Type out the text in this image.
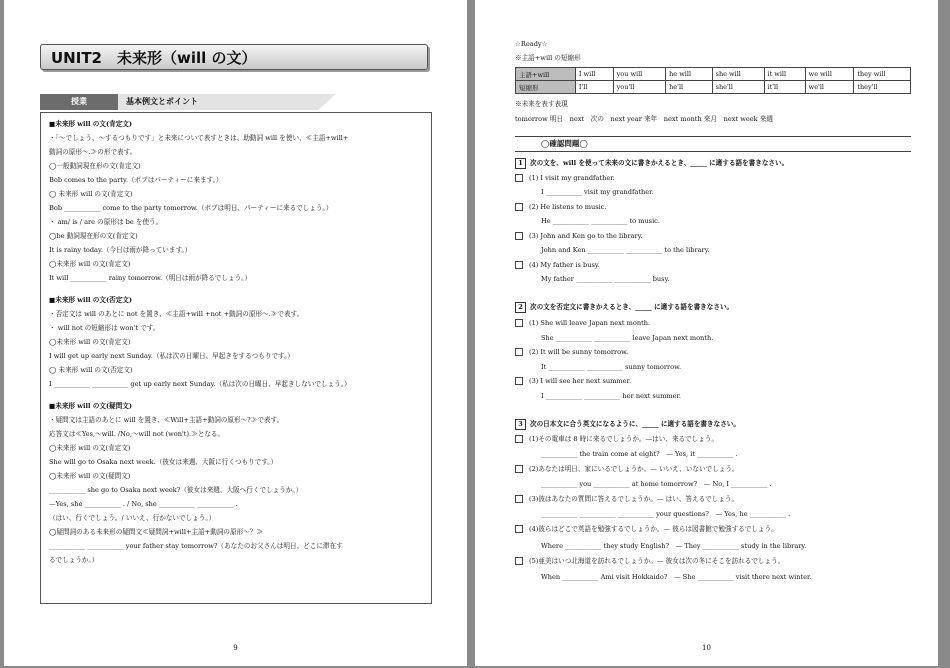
UNIT2　未来形（will の文）
授業	基本例文とポイント
■未来形 will の文(肯定文)
・「～でしょう、～するつもりです」と未来について表すときは、助動詞 will を使い、≪主語+will+
動詞の原形～.≫の形で表す。
◯一般動詞現在形の文(肯定文)
Bob comes to the party.（ボブはパーティーに来ます。）
◯ 未来形 will の文(肯定文)
Bob ___________ come to the party tomorrow.（ボブは明日、パーティーに来るでしょう。）
・ am/ is / are の原形は be を使う。
◯be 動詞現在形の文(肯定文)
It is rainy today.（今日は雨が降っています。）
◯未来形 will の文(肯定文)
It will ___________ rainy tomorrow.（明日は雨が降るでしょう。）
■未来形 will の文(否定文)
・否定文は will のあとに not を置き、≪主語+will +not +動詞の原形～.≫で表す。
・ will not の短縮形は won't です。
◯未来形 will の文(肯定文)
I will get up early next Sunday.（私は次の日曜日、早起きをするつもりです。）
◯ 未来形 will の文(否定文)
I ___________ ___________ get up early next Sunday.（私は次の日曜日、早起きしないでしょう。）
■未来形 will の文(疑問文)
・疑問文は主語のあとに will を置き、≪Will+主語+動詞の原形～?≫で表す。
応答文は≪Yes,～will. /No,～will not (won't).≫となる。
◯未来形 will の文(肯定文)
She will go to Osaka next week.（彼女は来週、大阪に行くつもりです。）
◯未来形 will の文(疑問文)
___________ she go to Osaka next week?（彼女は来週、大阪へ行くでしょうか。）
—Yes, she ___________ . / No, she ___________ ___________ .
（はい、行くでしょう。/ いいえ、行かないでしょう。）
◯疑問詞のある未来形の疑問文≪疑問詞+will+主語+動詞の原形～？≫
___________ ___________ your father stay tomorrow?（あなたのお父さんは明日、どこに滞在す
るでしょうか。）
9
☆Ready☆
※主語+will の短縮形
主語+will	I will	you will	he will	she will	it will	we will	they will
短縮形	I'll	you'll	he'll	she'll	it'll	we'll	they'll
※未来を表す表現
tomorrow 明日　next　次の　next year 来年　next month 来月　next week 来週
◯確認問題◯
1 次の文を、will を使って未来の文に書きかえるとき、_____ に適する語を書きなさい。
(1) I visit my grandfather.
I ___________ visit my grandfather.
(2) He listens to music.
He ___________ ___________ to music.
(3) John and Ken go to the library.
John and Ken ___________ ___________ to the library.
(4) My father is busy.
My father ___________ ___________ busy.
2 次の文を否定文に書きかえるとき、_____ に適する語を書きなさい。
(1) She will leave Japan next month.
She ___________ ___________ leave Japan next month.
(2) It will be sunny tomorrow.
It ___________ ___________ sunny tomorrow.
(3) I will see her next summer.
I ___________ ___________ her next summer.
3 次の日本文に合う英文になるように、_____ に適する語を書きなさい。
(1)その電車は 8 時に来るでしょうか。—はい、来るでしょう。
___________ the train come at eight?　— Yes, it ___________ .
(2)あなたは明日、家にいるでしょうか。— いいえ、いないでしょう。
___________ you ___________ at home tomorrow?　— No, I ___________ .
(3)彼はあなたの質問に答えるでしょうか。— はい、答えるでしょう。
___________ ___________ ___________ your questions?　— Yes, he ___________ .
(4)彼らはどこで英語を勉強するでしょうか。— 彼らは図書館で勉強するでしょう。
Where ___________ they study English?　— They ___________ study in the library.
(5)亜美はいつ北海道を訪れるでしょうか。— 彼女は次の冬にそこを訪れるでしょう。
When ___________ Ami visit Hokkaido?　— She ___________ visit there next winter.
10
